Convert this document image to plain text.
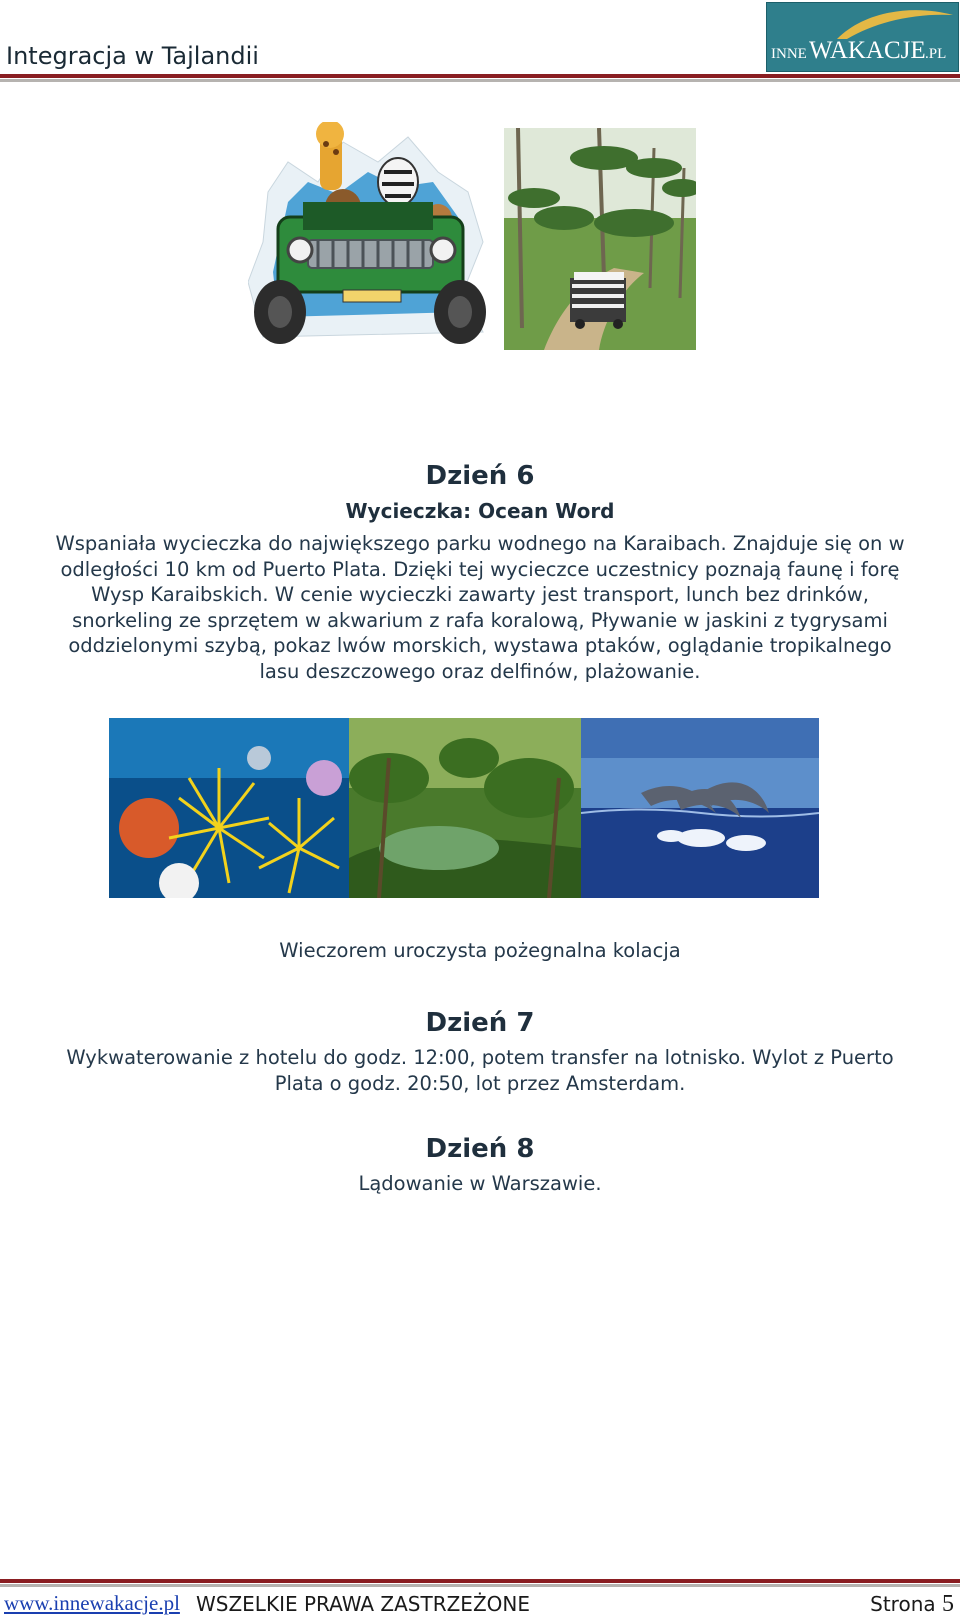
Integracja w Tajlandii	INNE WAKACJE .PL
Dzień 6
Wycieczka: Ocean Word
Wspaniała wycieczka do największego parku wodnego na Karaibach. Znajduje się on w
odległości 10 km od Puerto Plata. Dzięki tej wycieczce uczestnicy poznają faunę i forę
Wysp Karaibskich. W cenie wycieczki zawarty jest transport, lunch bez drinków,
snorkeling ze sprzętem w akwarium z rafa koralową, Pływanie w jaskini z tygrysami
oddzielonymi szybą, pokaz lwów morskich, wystawa ptaków, oglądanie tropikalnego
lasu deszczowego oraz delfinów, plażowanie.
Wieczorem uroczysta pożegnalna kolacja
Dzień 7
Wykwaterowanie z hotelu do godz. 12:00, potem transfer na lotnisko. Wylot z Puerto
Plata o godz. 20:50, lot przez Amsterdam.
Dzień 8
Lądowanie w Warszawie.
www.innewakacje.pl WSZELKIE PRAWA ZASTRZEŻONE	Strona 5
